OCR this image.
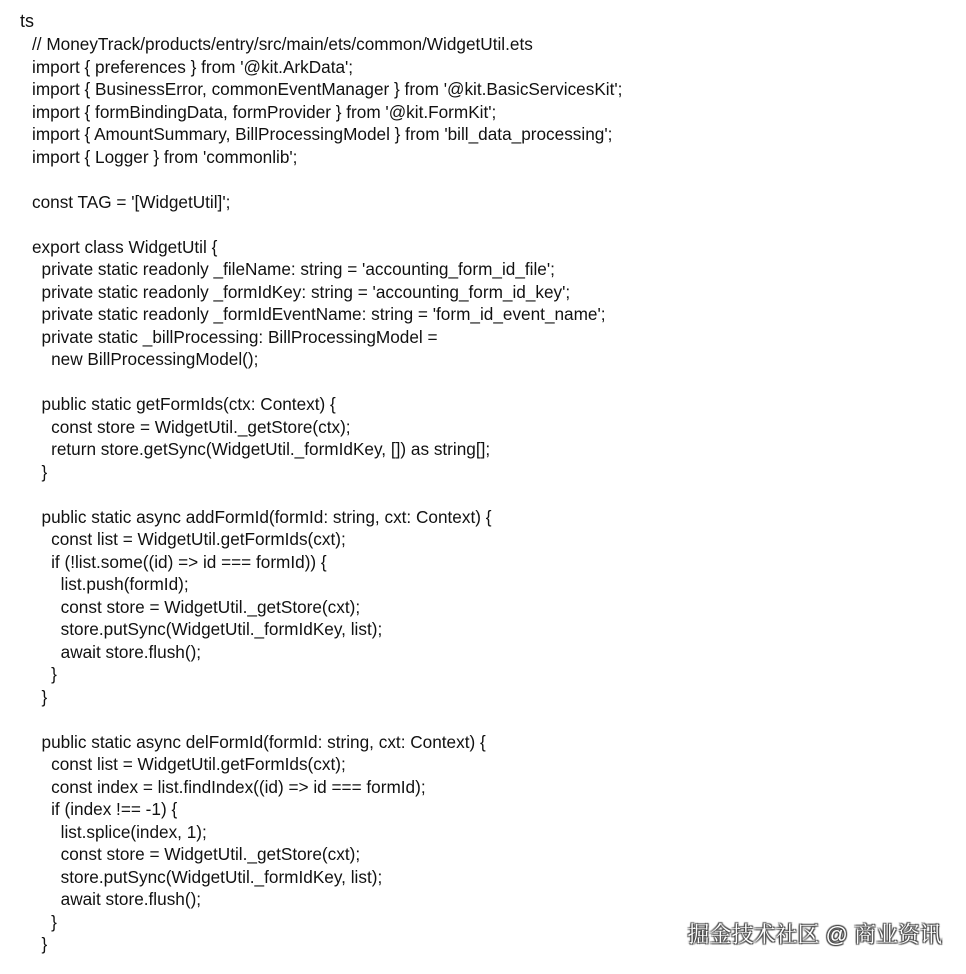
ts
// MoneyTrack/products/entry/src/main/ets/common/WidgetUtil.ets
import { preferences } from '@kit.ArkData';
import { BusinessError, commonEventManager } from '@kit.BasicServicesKit';
import { formBindingData, formProvider } from '@kit.FormKit';
import { AmountSummary, BillProcessingModel } from 'bill_data_processing';
import { Logger } from 'commonlib';
const TAG = '[WidgetUtil]';
export class WidgetUtil {
private static readonly _fileName: string = 'accounting_form_id_file';
private static readonly _formIdKey: string = 'accounting_form_id_key';
private static readonly _formIdEventName: string = 'form_id_event_name';
private static _billProcessing: BillProcessingModel =
new BillProcessingModel();
public static getFormIds(ctx: Context) {
const store = WidgetUtil._getStore(ctx);
return store.getSync(WidgetUtil._formIdKey, []) as string[];
}
public static async addFormId(formId: string, cxt: Context) {
const list = WidgetUtil.getFormIds(cxt);
if (!list.some((id) => id === formId)) {
list.push(formId);
const store = WidgetUtil._getStore(cxt);
store.putSync(WidgetUtil._formIdKey, list);
await store.flush();
}
}
public static async delFormId(formId: string, cxt: Context) {
const list = WidgetUtil.getFormIds(cxt);
const index = list.findIndex((id) => id === formId);
if (index !== -1) {
list.splice(index, 1);
const store = WidgetUtil._getStore(cxt);
store.putSync(WidgetUtil._formIdKey, list);
await store.flush();
}
}	掘金技术社区 @ 商业资讯
